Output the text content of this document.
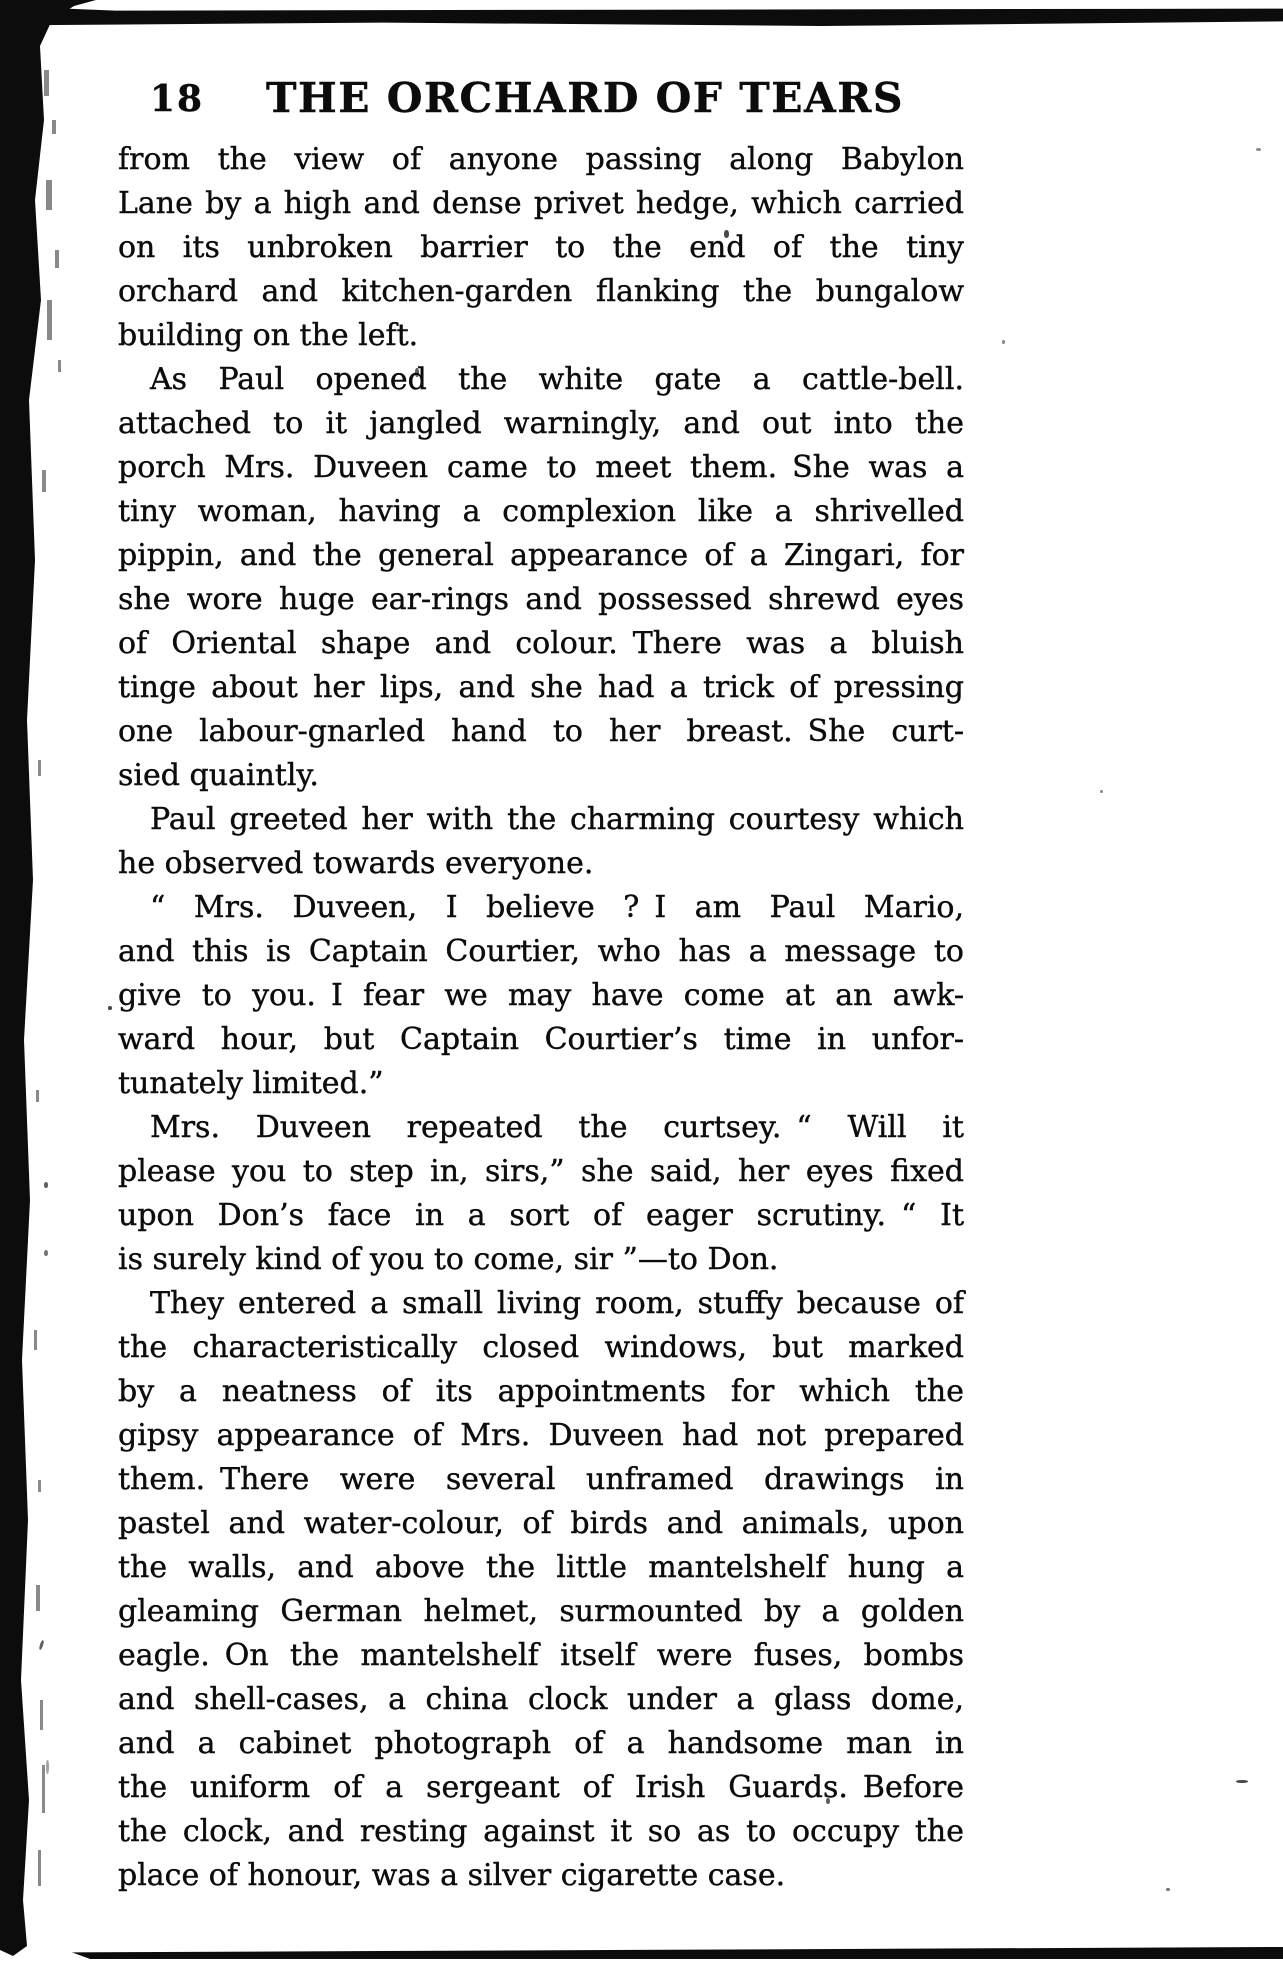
18	THE ORCHARD OF TEARS
from the view of anyone passing along Babylon
Lane by a high and dense privet hedge, which carried
on its unbroken barrier to the end of the tiny
orchard and kitchen-garden flanking the bungalow
building on the left.
As Paul opened the white gate a cattle-bell.
attached to it jangled warningly, and out into the
porch Mrs. Duveen came to meet them. She was a
tiny woman, having a complexion like a shrivelled
pippin, and the general appearance of a Zingari, for
she wore huge ear-rings and possessed shrewd eyes
of Oriental shape and colour. There was a bluish
tinge about her lips, and she had a trick of pressing
one labour-gnarled hand to her breast. She curt-
sied quaintly.
Paul greeted her with the charming courtesy which
he observed towards everyone.
“ Mrs. Duveen, I believe ? I am Paul Mario,
and this is Captain Courtier, who has a message to
give to you. I fear we may have come at an awk-
ward hour, but Captain Courtier’s time in unfor-
tunately limited.”
Mrs. Duveen repeated the curtsey. “ Will it
please you to step in, sirs,” she said, her eyes fixed
upon Don’s face in a sort of eager scrutiny. “ It
is surely kind of you to come, sir ”—to Don.
They entered a small living room, stuffy because of
the characteristically closed windows, but marked
by a neatness of its appointments for which the
gipsy appearance of Mrs. Duveen had not prepared
them. There were several unframed drawings in
pastel and water-colour, of birds and animals, upon
the walls, and above the little mantelshelf hung a
gleaming German helmet, surmounted by a golden
eagle. On the mantelshelf itself were fuses, bombs
and shell-cases, a china clock under a glass dome,
and a cabinet photograph of a handsome man in
the uniform of a sergeant of Irish Guards. Before
the clock, and resting against it so as to occupy the
place of honour, was a silver cigarette case.
